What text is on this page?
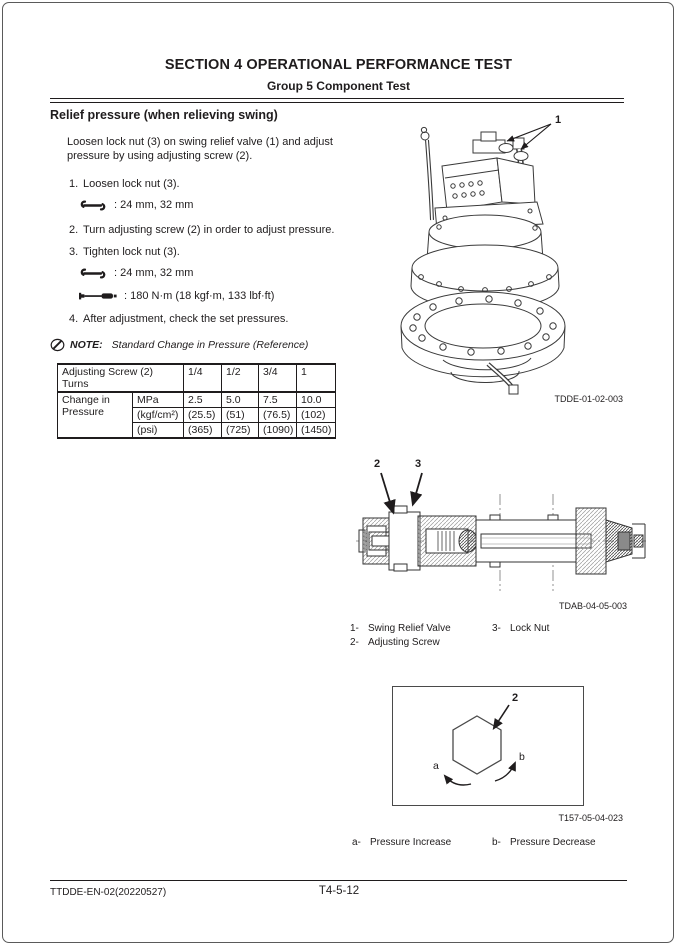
SECTION 4 OPERATIONAL PERFORMANCE TEST
Group 5 Component Test
Relief pressure (when relieving swing)
Loosen lock nut (3) on swing relief valve (1) and adjust
pressure by using adjusting screw (2).
1. Loosen lock nut (3).
: 24 mm, 32 mm
2. Turn adjusting screw (2) in order to adjust pressure.
3. Tighten lock nut (3).
: 24 mm, 32 mm
: 180 N·m (18 kgf·m, 133 lbf·ft)
4. After adjustment, check the set pressures.
NOTE: Standard Change in Pressure (Reference)
Adjusting Screw (2) Turns		1/4	1/2	3/4	1
Change in Pressure	MPa	2.5	5.0	7.5	10.0
	(kgf/cm²)	(25.5)	(51)	(76.5)	(102)
	(psi)	(365)	(725)	(1090)	(1450)
1
TDDE-01-02-003
2	3
TDAB-04-05-003
1- Swing Relief Valve
2- Adjusting Screw
3- Lock Nut
2
a
b
T157-05-04-023
a- Pressure Increase	b- Pressure Decrease
TTDDE-EN-02(20220527)	T4-5-12
